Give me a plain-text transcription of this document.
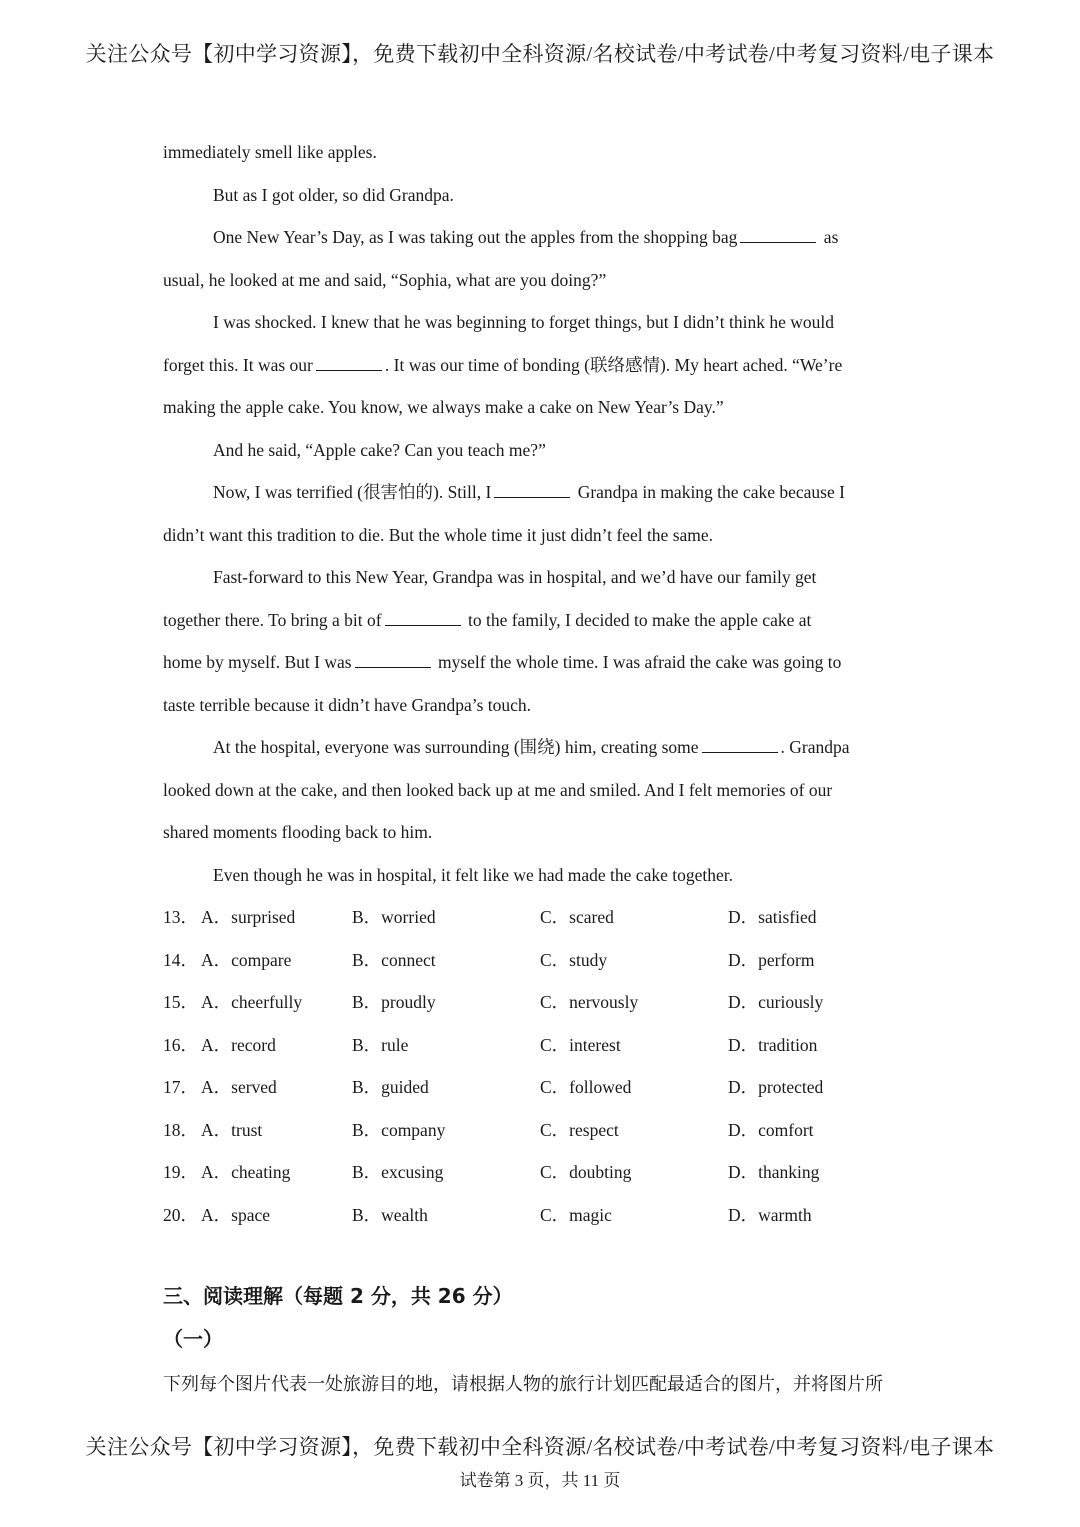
关注公众号【初中学习资源】，免费下载初中全科资源/名校试卷/中考试卷/中考复习资料/电子课本

immediately smell like apples.

But as I got older, so did Grandpa.

One New Year’s Day, as I was taking out the apples from the shopping bag	as

usual, he looked at me and said, “Sophia, what are you doing?”

I was shocked. I knew that he was beginning to forget things, but I didn’t think he would

forget this. It was our	. It was our time of bonding (联络感情). My heart ached. “We’re

making the apple cake. You know, we always make a cake on New Year’s Day.”

And he said, “Apple cake? Can you teach me?”

Now, I was terrified (很害怕的). Still, I	Grandpa in making the cake because I

didn’t want this tradition to die. But the whole time it just didn’t feel the same.

Fast-forward to this New Year, Grandpa was in hospital, and we’d have our family get

together there. To bring a bit of	to the family, I decided to make the apple cake at

home by myself. But I was	myself the whole time. I was afraid the cake was going to

taste terrible because it didn’t have Grandpa’s touch.

At the hospital, everyone was surrounding (围绕) him, creating some	. Grandpa

looked down at the cake, and then looked back up at me and smiled. And I felt memories of our

shared moments flooding back to him.

Even though he was in hospital, it felt like we had made the cake together.

13． A．surprised	B．worried	C．scared	D．satisfied
14． A．compare	B．connect	C．study	D．perform
15． A．cheerfully	B．proudly	C．nervously	D．curiously
16． A．record	B．rule	C．interest	D．tradition
17． A．served	B．guided	C．followed	D．protected
18． A．trust	B．company	C．respect	D．comfort
19． A．cheating	B．excusing	C．doubting	D．thanking
20． A．space	B．wealth	C．magic	D．warmth
三、阅读理解（每题 2 分，共 26 分）
（一）
下列每个图片代表一处旅游目的地，请根据人物的旅行计划匹配最适合的图片，并将图片所
关注公众号【初中学习资源】，免费下载初中全科资源/名校试卷/中考试卷/中考复习资料/电子课本
试卷第 3 页，共 11 页
